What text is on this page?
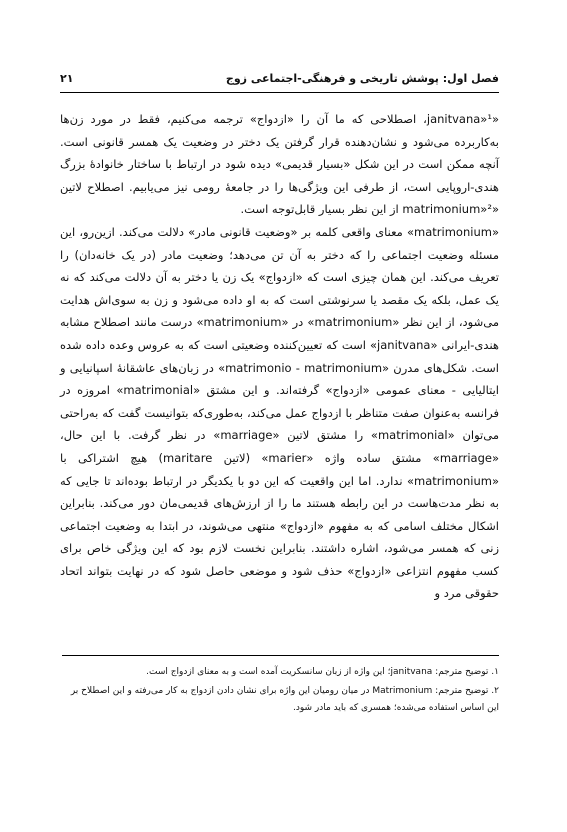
فصل اول: پوشش تاریخی و فرهنگی-اجتماعی زوج
۲۱

«janitvana»¹، اصطلاحی که ما آن را «ازدواج» ترجمه می‌کنیم، فقط در مورد زن‌ها به‌کاربرده می‌شود و نشان‌دهنده قرار گرفتن یک دختر در وضعیت یک همسر قانونی است. آنچه ممکن است در این شکل «بسیار قدیمی» دیده شود در ارتباط با ساختار خانوادهٔ بزرگ هندی-اروپایی است، از طرفی این ویژگی‌ها را در جامعهٔ رومی نیز می‌یابیم. اصطلاح لاتین «matrimonium»² از این نظر بسیار قابل‌توجه است.

«matrimonium» معنای واقعی کلمه بر «وضعیت قانونی مادر» دلالت می‌کند. ازین‌رو، این مسئله وضعیت اجتماعی را که دختر به آن تن می‌دهد؛ وضعیت مادر (در یک خانه‌دان) را تعریف می‌کند. این همان چیزی است که «ازدواج» یک زن یا دختر به آن دلالت می‌کند که نه یک عمل، بلکه یک مقصد یا سرنوشتی است که به او داده می‌شود و زن به سوی‌اش هدایت می‌شود، از این نظر «matrimonium» در «matrimonium» درست مانند اصطلاح مشابه هندی-ایرانی «janitvana» است که تعیین‌کننده وضعیتی است که به عروس وعده داده شده است. شکل‌های مدرن «matrimonio - matrimonium» در زبان‌های عاشقانهٔ اسپانیایی و ایتالیایی - معنای عمومی «ازدواج» گرفته‌اند. و این مشتق «matrimonial» امروزه در فرانسه به‌عنوان صفت متناظر با ازدواج عمل می‌کند، به‌طوری‌که بتوانیست گفت که به‌راحتی می‌توان «matrimonial» را مشتق لاتین «marriage» در نظر گرفت. با این حال، «marriage» مشتق ساده واژه «marier» (لاتین maritare) هیچ اشتراکی با «matrimonium» ندارد. اما این واقعیت که این دو با یکدیگر در ارتباط بوده‌اند تا جایی که به نظر مدت‌هاست در این رابطه هستند ما را از ارزش‌های قدیمی‌مان دور می‌کند. بنابراین اشکال مختلف اسامی که به مفهوم «ازدواج» منتهی می‌شوند، در ابتدا به وضعیت اجتماعی زنی که همسر می‌شود، اشاره داشتند. بنابراین نخست لازم بود که این ویژگی خاص برای کسب مفهوم انتزاعی «ازدواج» حذف شود و موضعی حاصل شود که در نهایت بتواند اتحاد حقوقی مرد و

۱. توضیح مترجم: janitvana؛ این واژه از زبان سانسکریت آمده است و به معنای ازدواج است.

۲. توضیح مترجم: Matrimonium در میان رومیان این واژه برای نشان دادن ازدواج به کار می‌رفته و این اصطلاح بر این اساس استفاده می‌شده؛ همسری که باید مادر شود.
